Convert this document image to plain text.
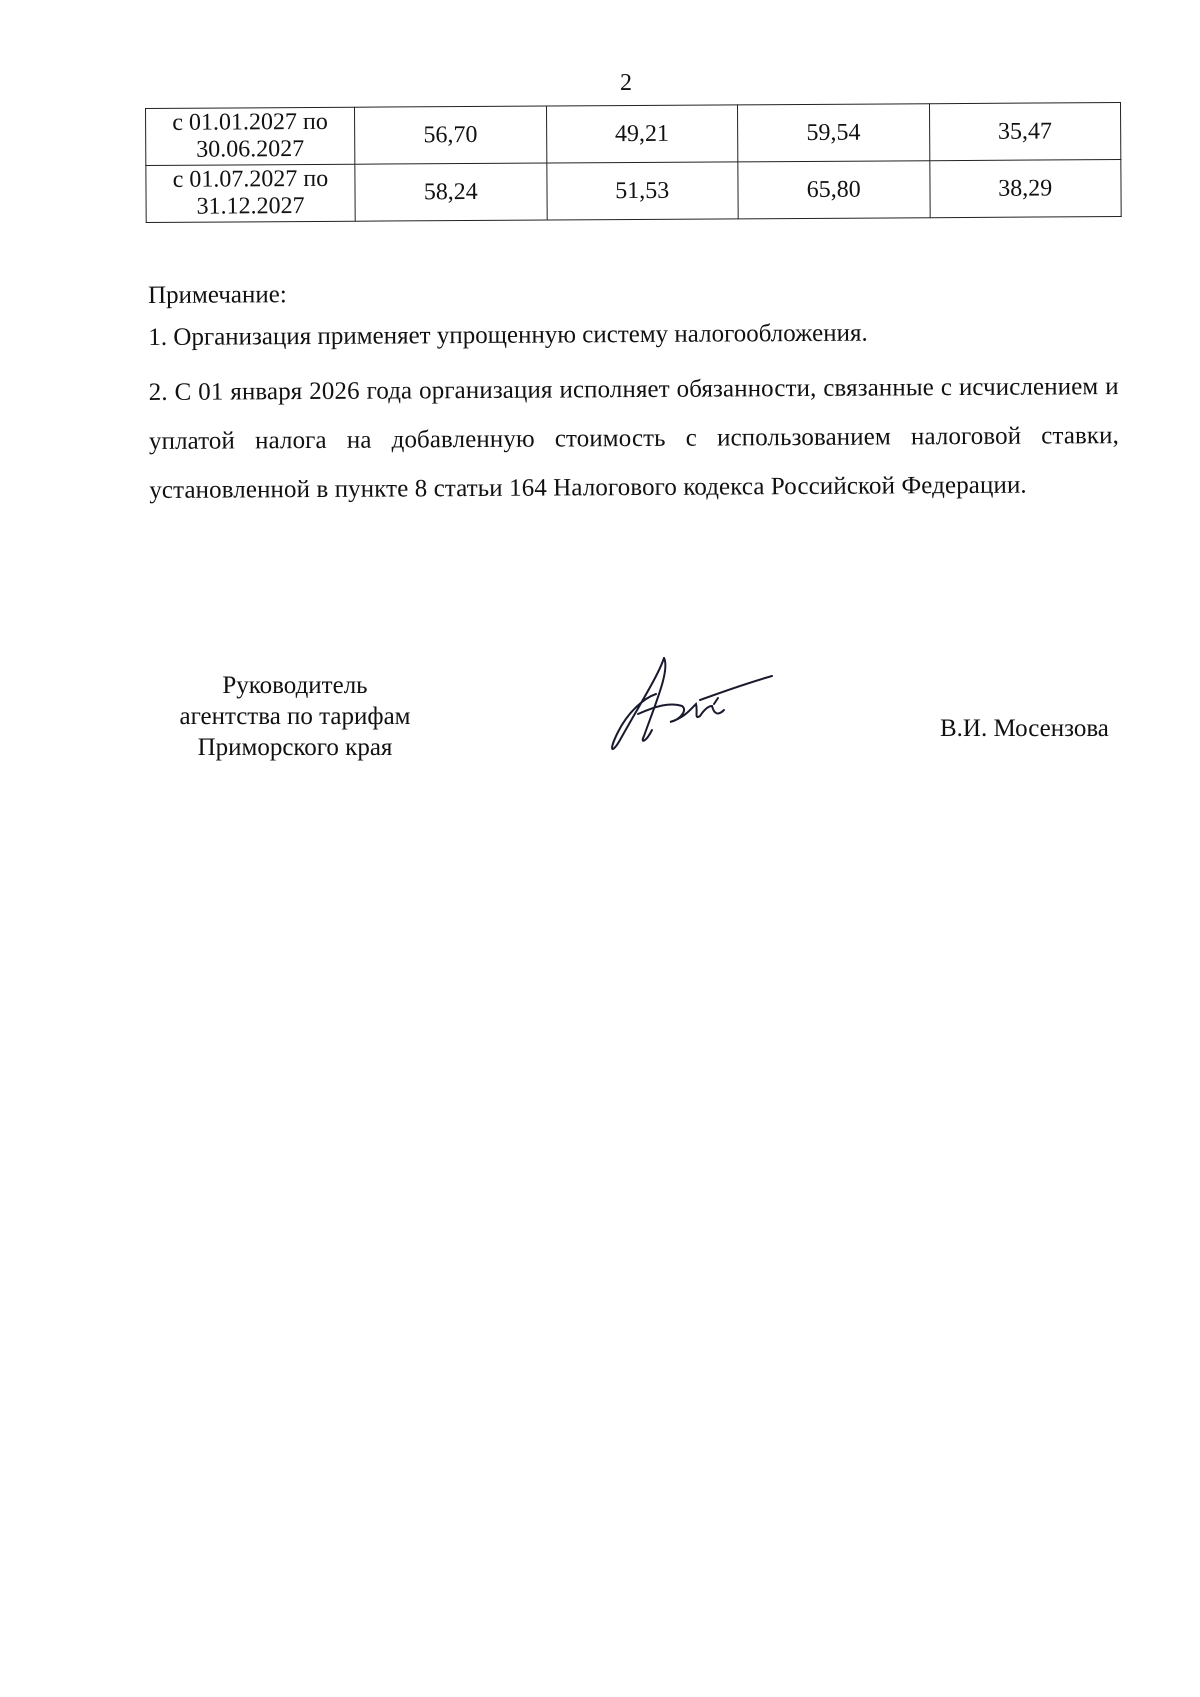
2
с 01.01.2027 по
30.06.2027	56,70	49,21	59,54	35,47
с 01.07.2027 по
31.12.2027	58,24	51,53	65,80	38,29

Примечание:

1. Организация применяет упрощенную систему налогообложения.

2. С 01 января 2026 года организация исполняет обязанности, связанные с исчислением и уплатой налога на добавленную стоимость с использованием налоговой ставки, установленной в пункте 8 статьи 164 Налогового кодекса Российской Федерации.

Руководитель
агентства по тарифам
Приморского края
В.И. Мосензова
